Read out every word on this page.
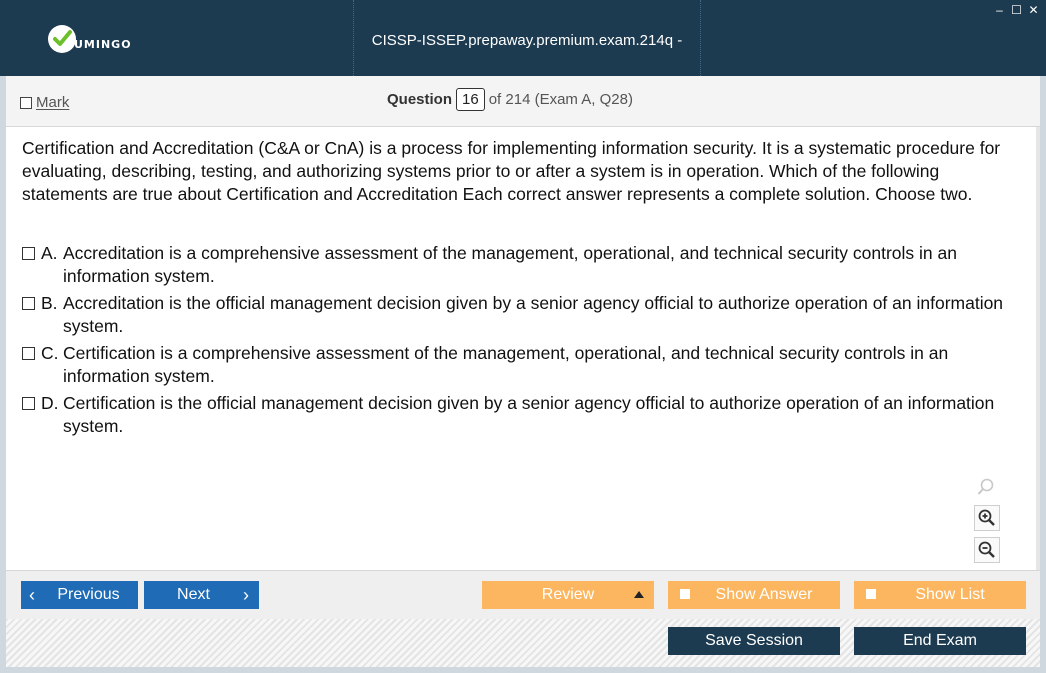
UMINGO	CISSP-ISSEP.prepaway.premium.exam.214q -
– ☐ ✕
Mark	Question 16 of 214 (Exam A, Q28)

Certification and Accreditation (C&A or CnA) is a process for implementing information security. It is a systematic procedure for evaluating, describing, testing, and authorizing systems prior to or after a system is in operation. Which of the following statements are true about Certification and Accreditation Each correct answer represents a complete solution. Choose two.

A. Accreditation is a comprehensive assessment of the management, operational, and technical security controls in an information system.
B. Accreditation is the official management decision given by a senior agency official to authorize operation of an information system.
C. Certification is a comprehensive assessment of the management, operational, and technical security controls in an information system.
D. Certification is the official management decision given by a senior agency official to authorize operation of an information system.
‹ Previous	Next ›	Review	Show Answer	Show List
Save Session	End Exam
